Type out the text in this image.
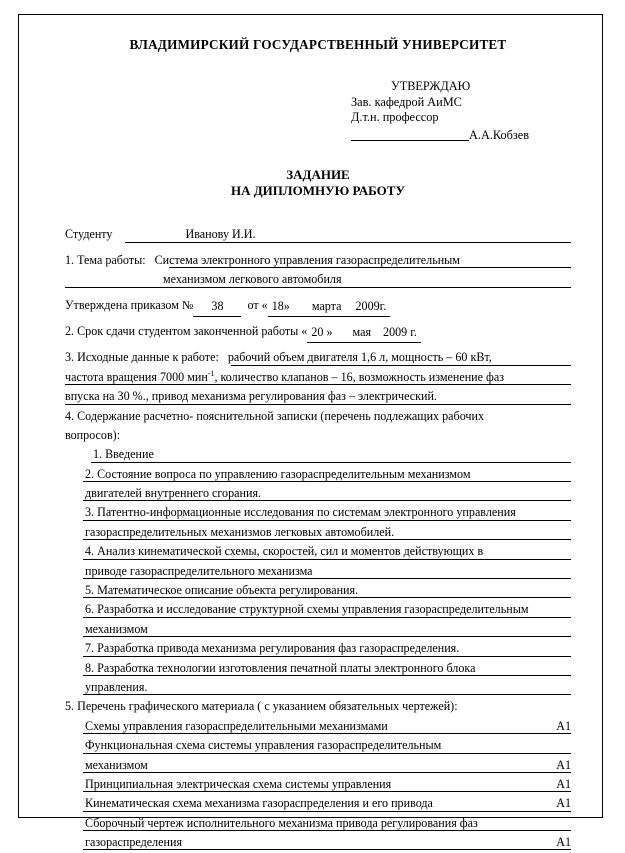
ВЛАДИМИРСКИЙ ГОСУДАРСТВЕННЫЙ УНИВЕРСИТЕТ
УТВЕРЖДАЮ
Зав. кафедрой АиМС
Д.т.н. профессор
А.А.Кобзев
ЗАДАНИЕ
НА ДИПЛОМНУЮ РАБОТУ
Студенту	Иванову И.И.
1. Тема работы: Система электронного управления газораспределительным
механизмом легкового автомобиля
Утверждена приказом № 38 от « 18» марта 2009г.
2. Срок сдачи студентом законченной работы « 20 » мая 2009 г.
3. Исходные данные к работе: рабочий объем двигателя 1,6 л, мощность – 60 кВт,
частота вращения 7000 мин$^{-1}$, количество клапанов – 16, возможность изменение фаз
впуска на 30 %., привод механизма регулирования фаз – электрический.
4. Содержание расчетно- пояснительной записки (перечень подлежащих рабочих
вопросов):
1. Введение
2. Состояние вопроса по управлению газораспределительным механизмом
двигателей внутреннего сгорания.
3. Патентно-информационные исследования по системам электронного управления
газораспределительных механизмов легковых автомобилей.
4. Анализ кинематической схемы, скоростей, сил и моментов действующих в
приводе газораспределительного механизма
5. Математическое описание объекта регулирования.
6. Разработка и исследование структурной схемы управления газораспределительным
механизмом
7. Разработка привода механизма регулирования фаз газораспределения.
8. Разработка технологии изготовления печатной платы электронного блока
управления.
5. Перечень графического материала ( с указанием обязательных чертежей):
Схемы управления газораспределительными механизмами	А1
Функциональная схема системы управления газораспределительным
механизмом	А1
Принципиальная электрическая схема системы управления	А1
Кинематическая схема механизма газораспределения и его привода	А1
Сборочный чертеж исполнительного механизма привода регулирования фаз
газораспределения	А1
